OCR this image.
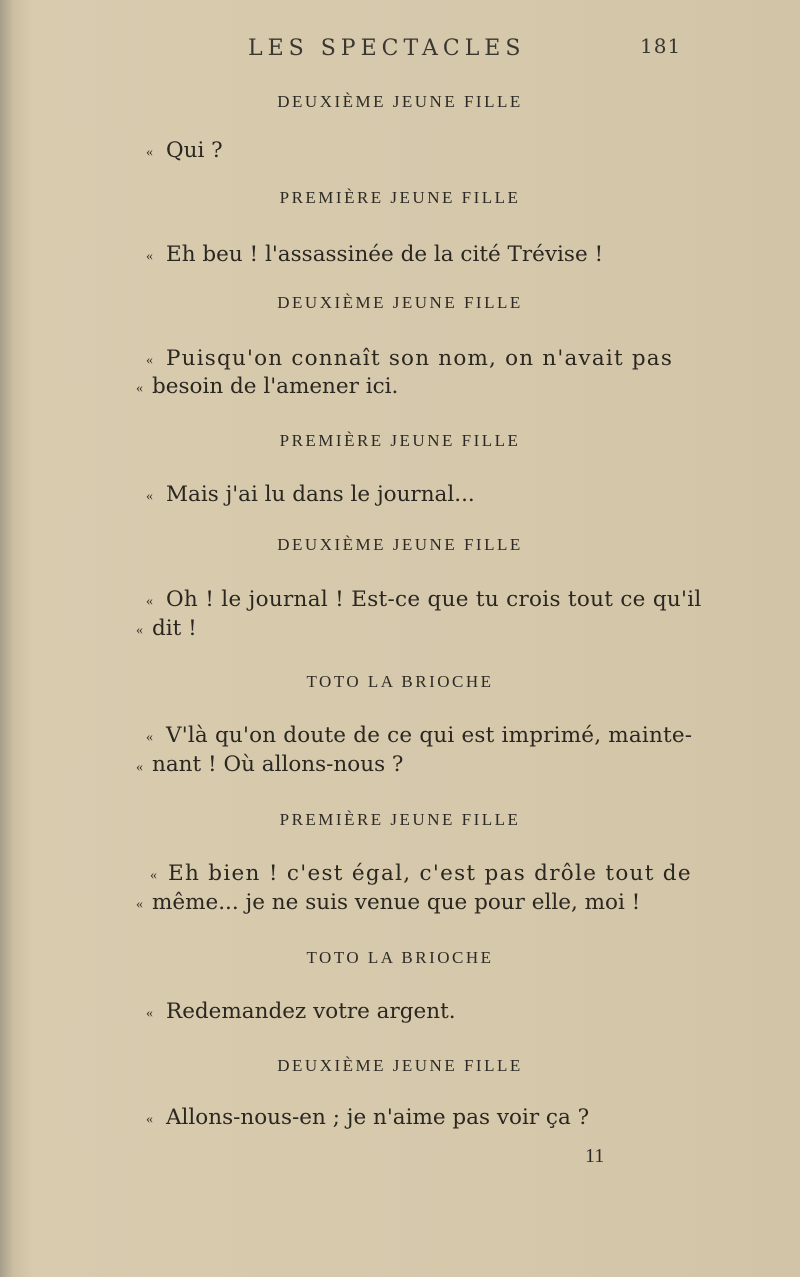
LES SPECTACLES	181
DEUXIÈME JEUNE FILLE
PREMIÈRE JEUNE FILLE
DEUXIÈME JEUNE FILLE
PREMIÈRE JEUNE FILLE
DEUXIÈME JEUNE FILLE
TOTO LA BRIOCHE
PREMIÈRE JEUNE FILLE
TOTO LA BRIOCHE
DEUXIÈME JEUNE FILLE
«
«
«
«
«
«
«
«
«
«
«
«
«
Qui ?
Eh beu ! l'assassinée de la cité Trévise !
Puisqu'on connaît son nom, on n'avait pas
besoin de l'amener ici.
Mais j'ai lu dans le journal...
Oh ! le journal ! Est-ce que tu crois tout ce qu'il
dit !
V'là qu'on doute de ce qui est imprimé, mainte-
nant ! Où allons-nous ?
Eh bien ! c'est égal, c'est pas drôle tout de
même... je ne suis venue que pour elle, moi !
Redemandez votre argent.
Allons-nous-en ; je n'aime pas voir ça ?
11
